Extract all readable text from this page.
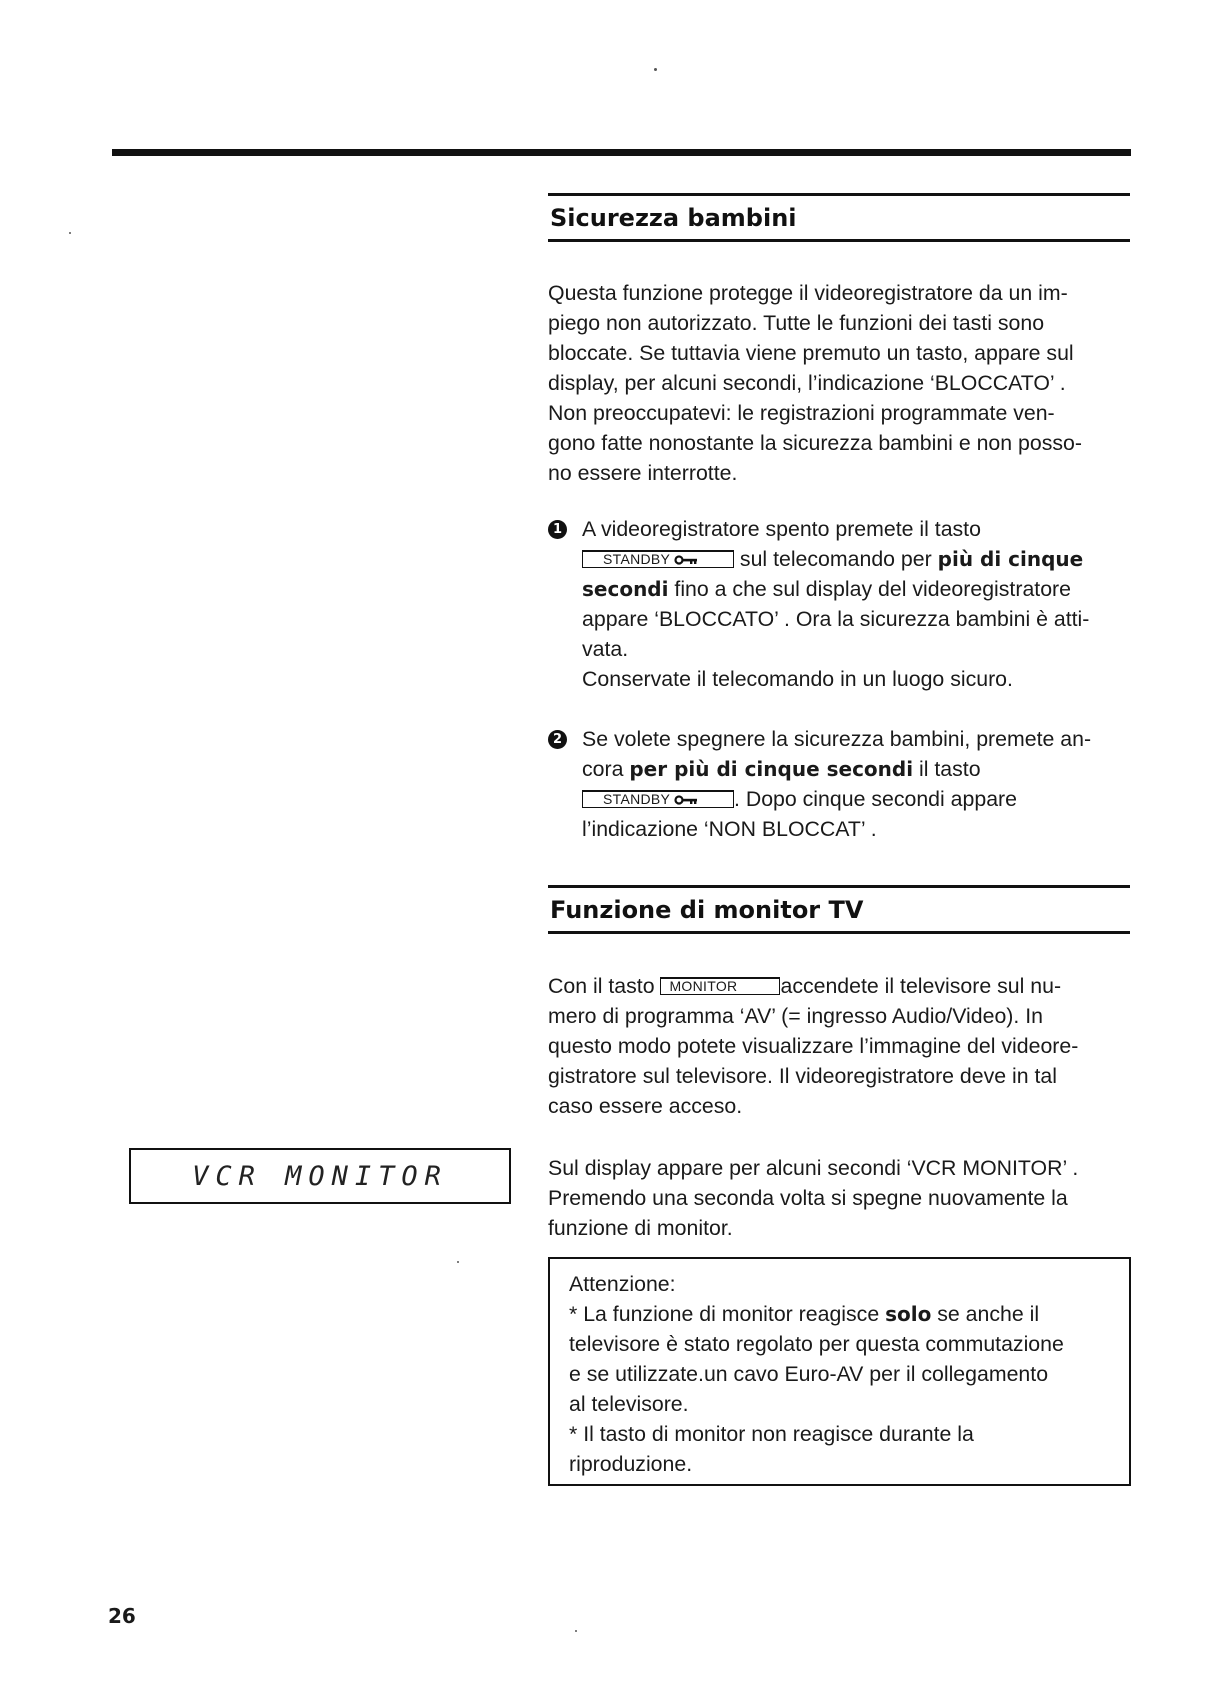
Sicurezza bambini

Questa funzione protegge il videoregistratore da un im-
piego non autorizzato. Tutte le funzioni dei tasti sono
bloccate. Se tuttavia viene premuto un tasto, appare sul
display, per alcuni secondi, l’indicazione ‘BLOCCATO’ .
Non preoccupatevi: le registrazioni programmate ven-
gono fatte nonostante la sicurezza bambini e non posso-
no essere interrotte.

1 A videoregistratore spento premete il tasto
STANDBY	sul telecomando per più di cinque
secondi fino a che sul display del videoregistratore
appare ‘BLOCCATO’ . Ora la sicurezza bambini è atti-
vata.
Conservate il telecomando in un luogo sicuro.
2 Se volete spegnere la sicurezza bambini, premete an-
cora per più di cinque secondi il tasto
STANDBY	. Dopo cinque secondi appare
l’indicazione ‘NON BLOCCAT’ .
Funzione di monitor TV

Con il tasto MONITOR accendete il televisore sul nu-
mero di programma ‘AV’ (= ingresso Audio/Video). In
questo modo potete visualizzare l’immagine del videore-
gistratore sul televisore. Il videoregistratore deve in tal
caso essere acceso.

Sul display appare per alcuni secondi ‘VCR MONITOR’ .
Premendo una seconda volta si spegne nuovamente la
funzione di monitor.

VCR MONITOR
Attenzione:
* La funzione di monitor reagisce solo se anche il
televisore è stato regolato per questa commutazione
e se utilizzate.un cavo Euro-AV per il collegamento
al televisore.
* Il tasto di monitor non reagisce durante la
riproduzione.
26
